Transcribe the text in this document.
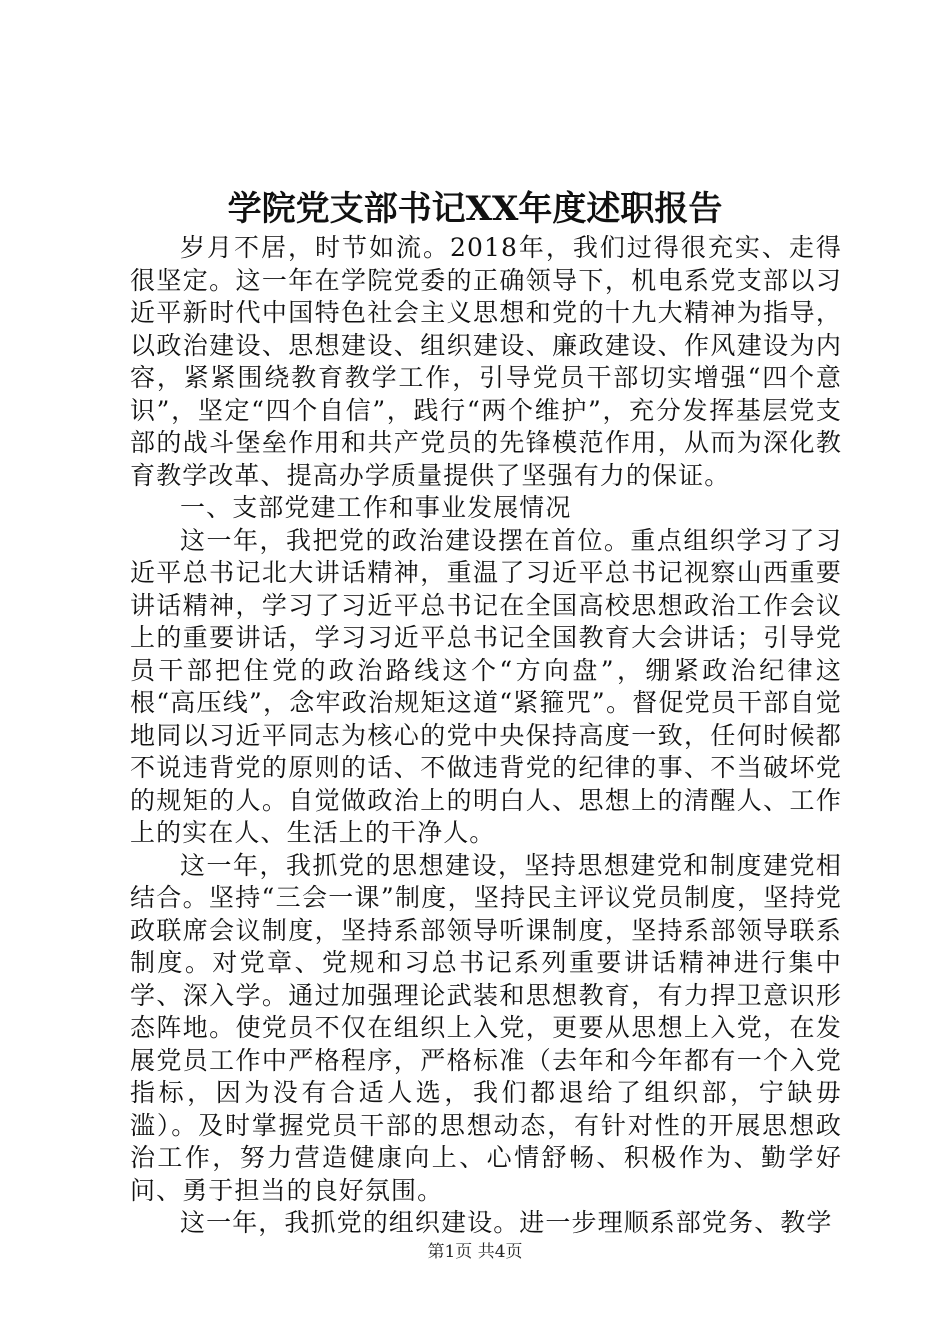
学院党支部书记XX年度述职报告

岁月不居，时节如流。2018年，我们过得很充实、走得很坚定。这一年在学院党委的正确领导下，机电系党支部以习近平新时代中国特色社会主义思想和党的十九大精神为指导，以政治建设、思想建设、组织建设、廉政建设、作风建设为内容，紧紧围绕教育教学工作，引导党员干部切实增强“四个意识”，坚定“四个自信”，践行“两个维护”，充分发挥基层党支部的战斗堡垒作用和共产党员的先锋模范作用，从而为深化教育教学改革、提高办学质量提供了坚强有力的保证。

一、支部党建工作和事业发展情况

这一年，我把党的政治建设摆在首位。重点组织学习了习近平总书记北大讲话精神，重温了习近平总书记视察山西重要讲话精神，学习了习近平总书记在全国高校思想政治工作会议上的重要讲话，学习习近平总书记全国教育大会讲话；引导党员干部把住党的政治路线这个“方向盘”，绷紧政治纪律这根“高压线”，念牢政治规矩这道“紧箍咒”。督促党员干部自觉地同以习近平同志为核心的党中央保持高度一致，任何时候都不说违背党的原则的话、不做违背党的纪律的事、不当破坏党的规矩的人。自觉做政治上的明白人、思想上的清醒人、工作上的实在人、生活上的干净人。

这一年，我抓党的思想建设，坚持思想建党和制度建党相结合。坚持“三会一课”制度，坚持民主评议党员制度，坚持党政联席会议制度，坚持系部领导听课制度，坚持系部领导联系制度。对党章、党规和习总书记系列重要讲话精神进行集中学、深入学。通过加强理论武装和思想教育，有力捍卫意识形态阵地。使党员不仅在组织上入党，更要从思想上入党，在发展党员工作中严格程序，严格标准（去年和今年都有一个入党指标，因为没有合适人选，我们都退给了组织部，宁缺毋滥）。及时掌握党员干部的思想动态，有针对性的开展思想政治工作，努力营造健康向上、心情舒畅、积极作为、勤学好问、勇于担当的良好氛围。

这一年，我抓党的组织建设。进一步理顺系部党务、教学

第1页 共4页
